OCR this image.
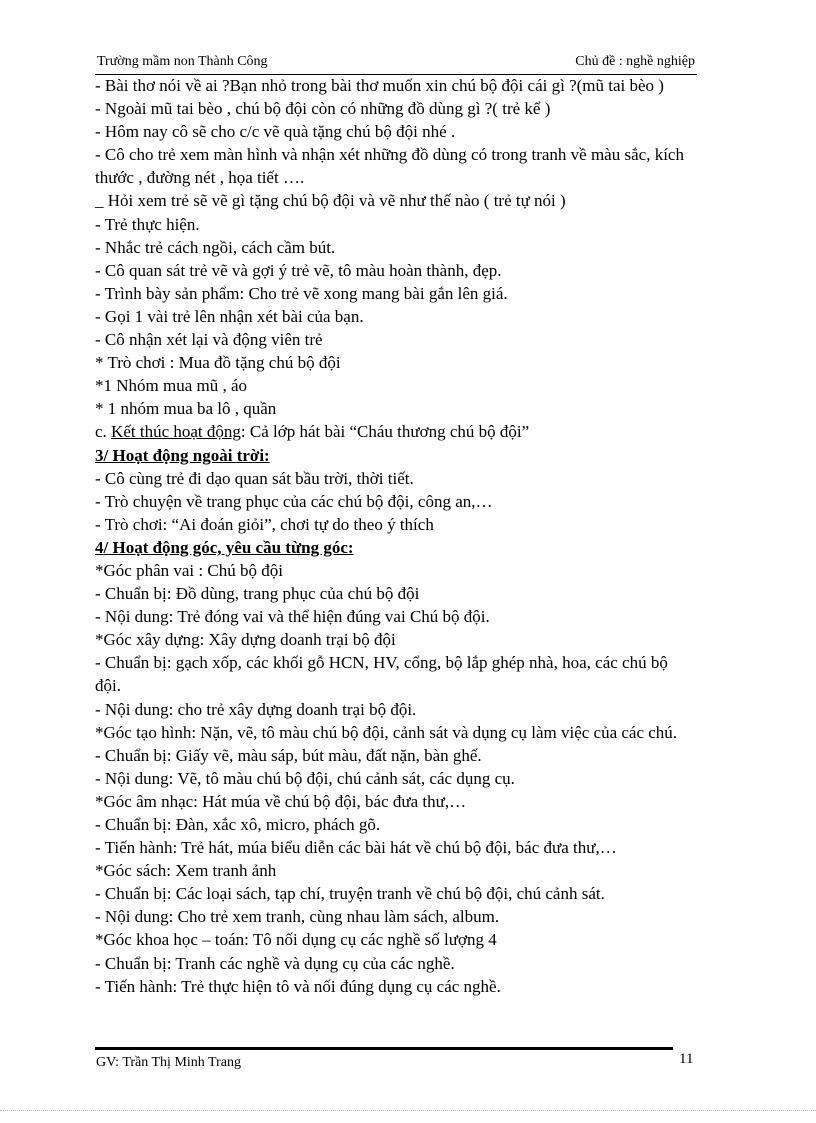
Trường mầm non Thành Công	Chủ đề : nghề nghiệp
- Bài thơ nói về ai ?Bạn nhỏ trong bài thơ muốn xin chú bộ đội cái gì ?(mũ tai bèo )
- Ngoài mũ tai bèo , chú bộ đội còn có những đồ dùng gì ?( trẻ kể )
- Hôm nay cô sẽ cho c/c vẽ quà tặng chú bộ đội nhé .
- Cô cho trẻ xem màn hình và nhận xét những đồ dùng có trong tranh về màu sắc, kích thước , đường nét , họa tiết ….
_ Hỏi xem trẻ sẽ vẽ gì tặng chú bộ đội và vẽ như thế nào ( trẻ tự nói )
- Trẻ thực hiện.
- Nhắc trẻ cách ngồi, cách cầm bút.
- Cô quan sát trẻ vẽ và gợi ý trẻ vẽ, tô màu hoàn thành, đẹp.
- Trình bày sản phẩm: Cho trẻ vẽ xong mang bài gắn lên giá.
- Gọi 1 vài trẻ lên nhận xét bài của bạn.
- Cô nhận xét lại và động viên trẻ
* Trò chơi : Mua đồ tặng chú bộ đội
*1 Nhóm mua mũ , áo
* 1 nhóm mua ba lô , quần
c. Kết thúc hoạt động: Cả lớp hát bài “Cháu thương chú bộ đội”
3/ Hoạt động ngoài trời:
- Cô cùng trẻ đi dạo quan sát bầu trời, thời tiết.
- Trò chuyện về trang phục của các chú bộ đội, công an,…
- Trò chơi: “Ai đoán giỏi”, chơi tự do theo ý thích
4/ Hoạt động góc, yêu cầu từng góc:
*Góc phân vai : Chú bộ đội
- Chuẩn bị: Đồ dùng, trang phục của chú bộ đội
- Nội dung: Trẻ đóng vai và thể hiện đúng vai Chú bộ đội.
*Góc xây dựng: Xây dựng doanh trại bộ đội
- Chuẩn bị: gạch xốp, các khối gỗ HCN, HV, cổng, bộ lắp ghép nhà, hoa, các chú bộ đội.
- Nội dung: cho trẻ xây dựng doanh trại bộ đội.
*Góc tạo hình: Nặn, vẽ, tô màu chú bộ đội, cảnh sát và dụng cụ làm việc của các chú.
- Chuẩn bị: Giấy vẽ, màu sáp, bút màu, đất nặn, bàn ghế.
- Nội dung: Vẽ, tô màu chú bộ đội, chú cảnh sát, các dụng cụ.
*Góc âm nhạc: Hát múa về chú bộ đội, bác đưa thư,…
- Chuẩn bị: Đàn, xắc xô, micro, phách gõ.
- Tiến hành: Trẻ hát, múa biểu diễn các bài hát về chú bộ đội, bác đưa thư,…
*Góc sách: Xem tranh ảnh
- Chuẩn bị: Các loại sách, tạp chí, truyện tranh về chú bộ đội, chú cảnh sát.
- Nội dung: Cho trẻ xem tranh, cùng nhau làm sách, album.
*Góc khoa học – toán: Tô nối dụng cụ các nghề số lượng 4
- Chuẩn bị: Tranh các nghề và dụng cụ của các nghề.
- Tiến hành: Trẻ thực hiện tô và nối đúng dụng cụ các nghề.
GV: Trần Thị Minh Trang	11
